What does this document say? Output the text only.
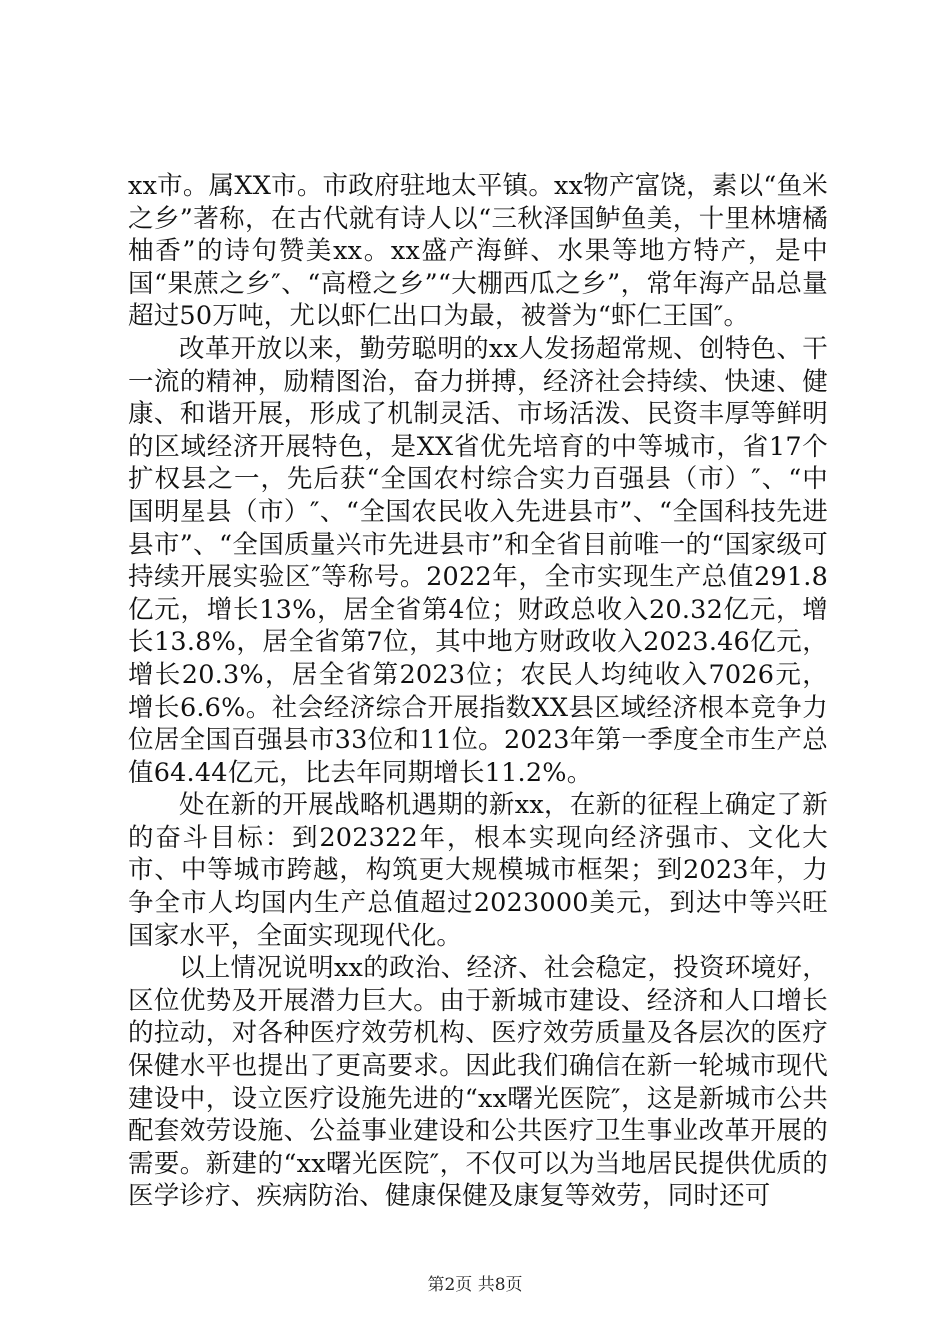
xx市。属XX市。市政府驻地太平镇。xx物产富饶，素以“鱼米之乡”著称，在古代就有诗人以“三秋泽国鲈鱼美，十里林塘橘柚香”的诗句赞美xx。xx盛产海鲜、水果等地方特产，是中国“果蔗之乡″、“高橙之乡”“大棚西瓜之乡”，常年海产品总量超过50万吨，尤以虾仁出口为最，被誉为“虾仁王国″。

改革开放以来，勤劳聪明的xx人发扬超常规、创特色、干一流的精神，励精图治，奋力拼搏，经济社会持续、快速、健康、和谐开展，形成了机制灵活、市场活泼、民资丰厚等鲜明的区域经济开展特色，是XX省优先培育的中等城市，省17个扩权县之一，先后获“全国农村综合实力百强县（市）″、“中国明星县（市）″、“全国农民收入先进县市”、“全国科技先进县市”、“全国质量兴市先进县市”和全省目前唯一的“国家级可持续开展实验区″等称号。2022年，全市实现生产总值291.8亿元，增长13%，居全省第4位；财政总收入20.32亿元，增长13.8%，居全省第7位，其中地方财政收入2023.46亿元，增长20.3%，居全省第2023位；农民人均纯收入7026元，增长6.6%。社会经济综合开展指数XX县区域经济根本竞争力位居全国百强县市33位和11位。2023年第一季度全市生产总值64.44亿元，比去年同期增长11.2%。

处在新的开展战略机遇期的新xx，在新的征程上确定了新的奋斗目标：到202322年，根本实现向经济强市、文化大市、中等城市跨越，构筑更大规模城市框架；到2023年，力争全市人均国内生产总值超过2023000美元，到达中等兴旺国家水平，全面实现现代化。

以上情况说明xx的政治、经济、社会稳定，投资环境好，区位优势及开展潜力巨大。由于新城市建设、经济和人口增长的拉动，对各种医疗效劳机构、医疗效劳质量及各层次的医疗保健水平也提出了更高要求。因此我们确信在新一轮城市现代建设中，设立医疗设施先进的“xx曙光医院″，这是新城市公共配套效劳设施、公益事业建设和公共医疗卫生事业改革开展的需要。新建的“xx曙光医院″，不仅可以为当地居民提供优质的医学诊疗、疾病防治、健康保健及康复等效劳，同时还可

第2页 共8页
